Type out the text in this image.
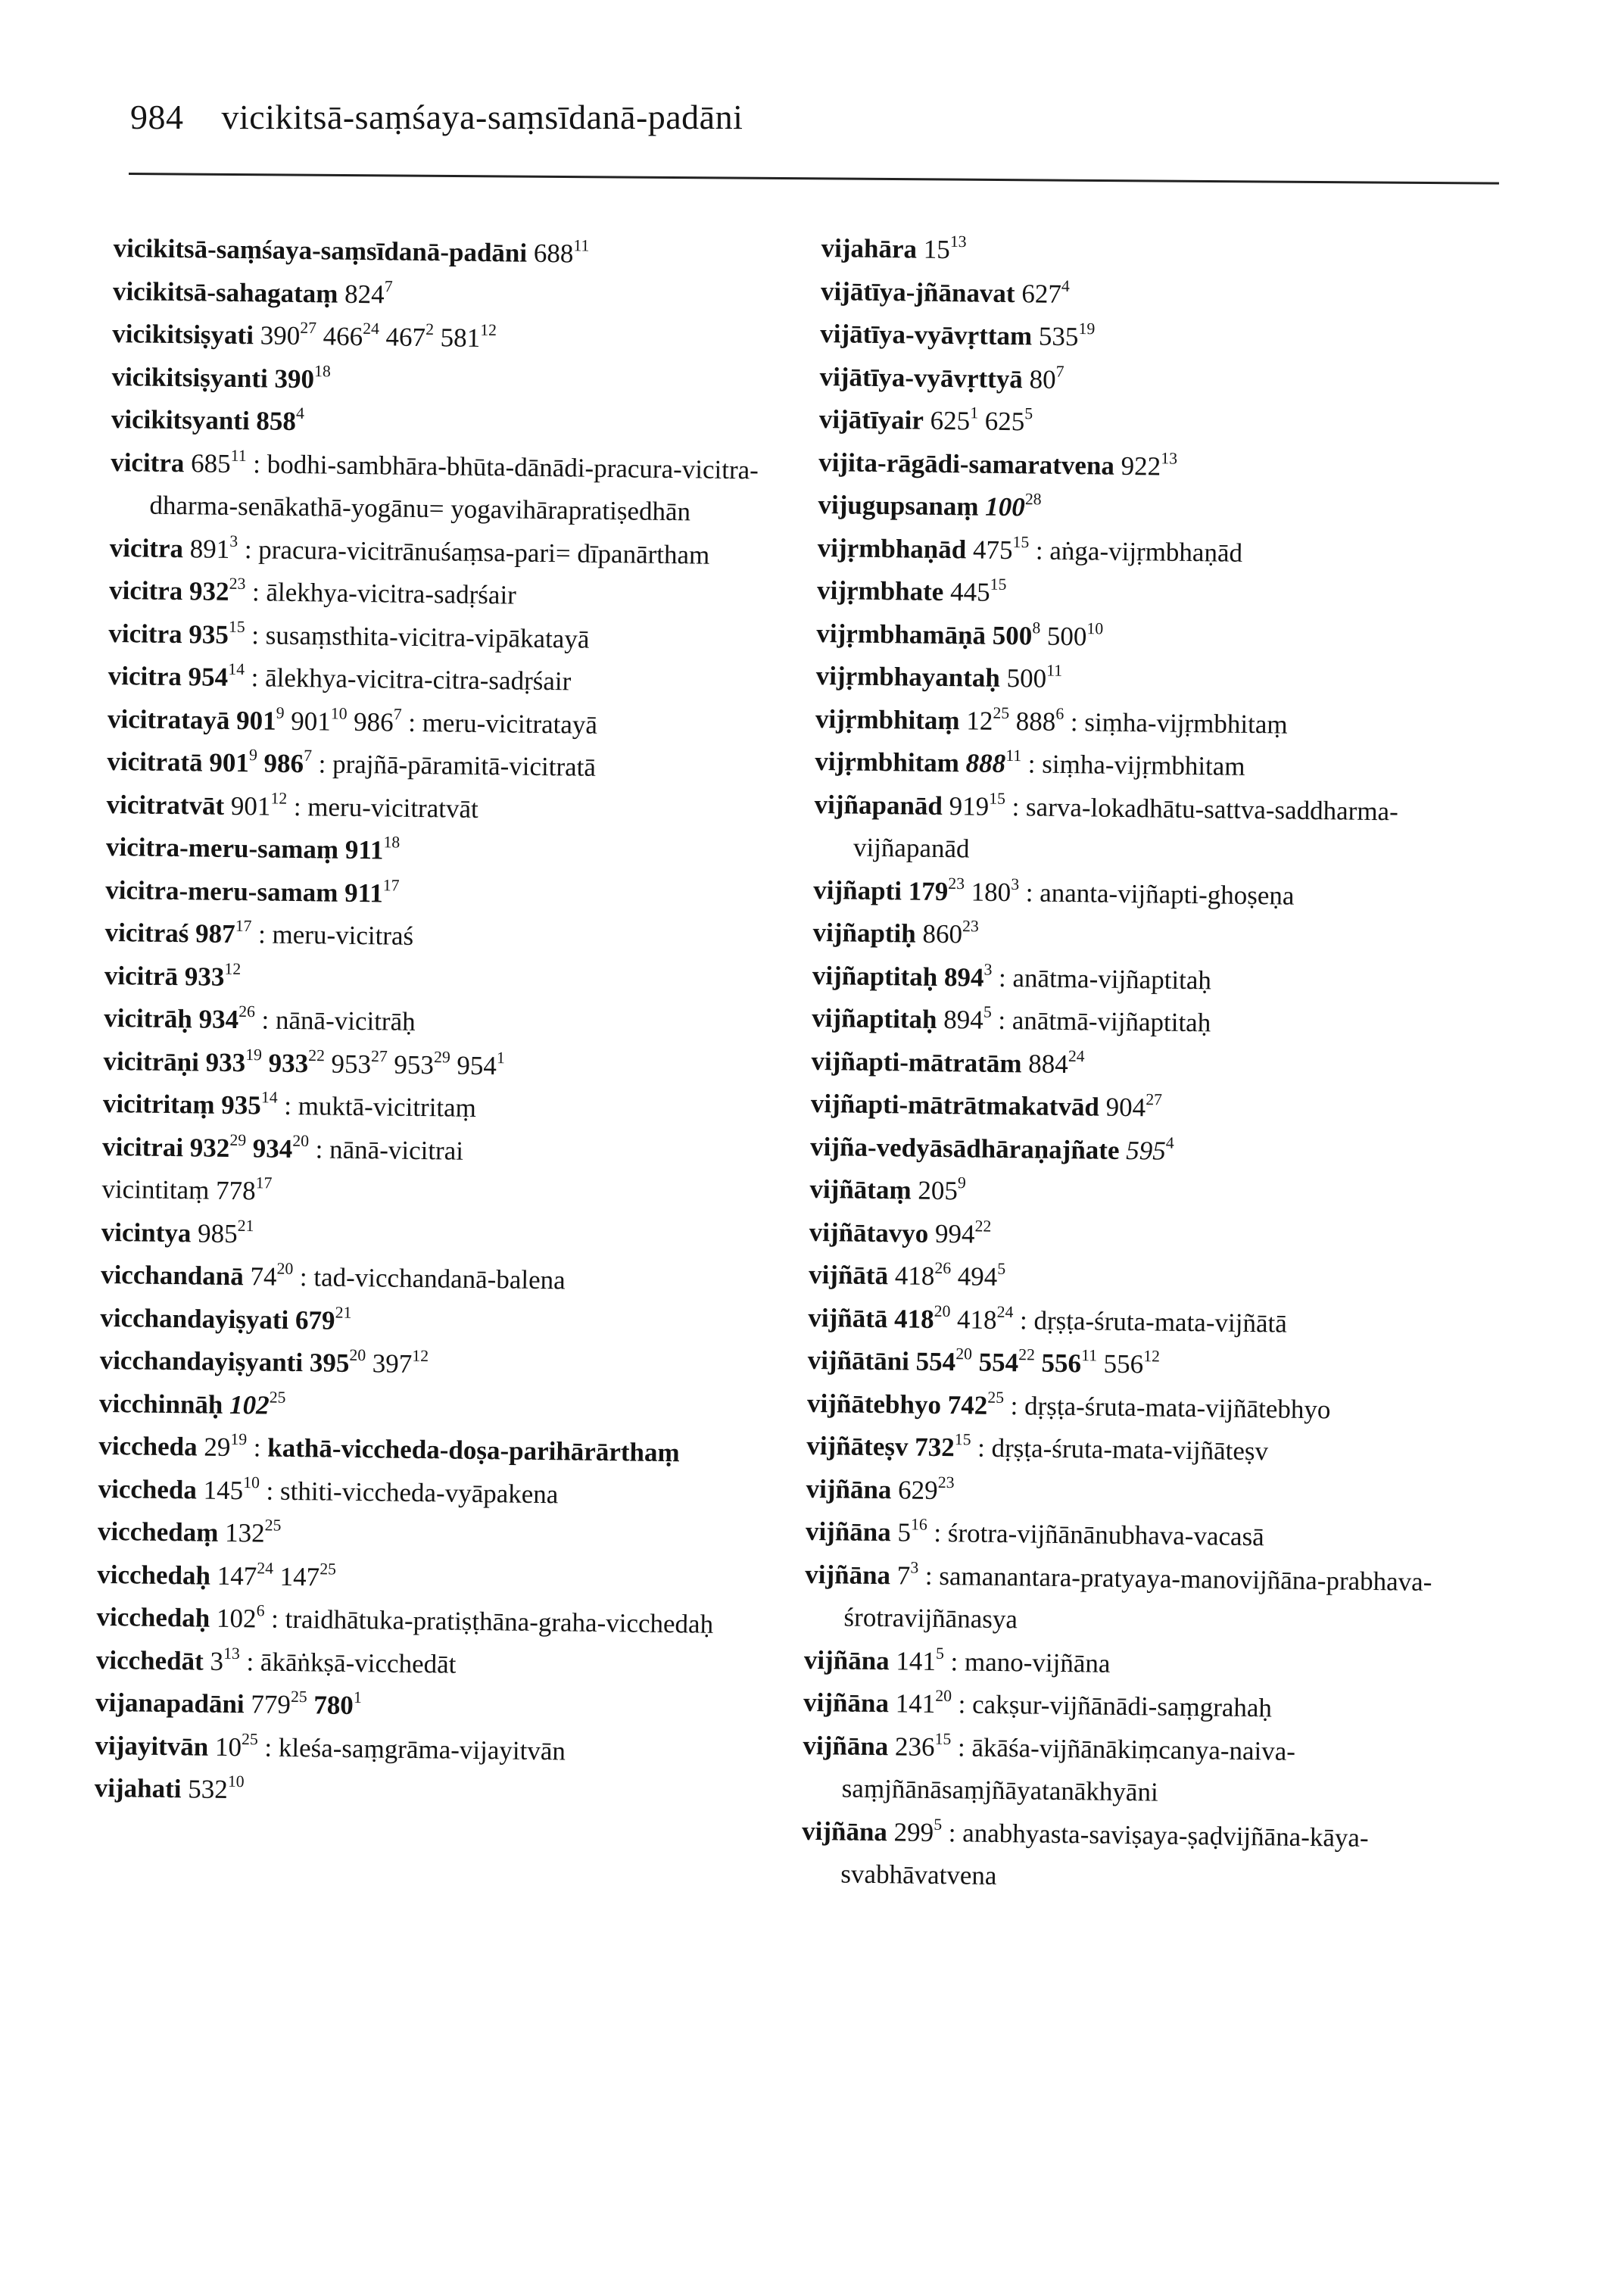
984 vicikitsā-saṃśaya-saṃsīdanā-padāni
vicikitsā-saṃśaya-saṃsīdanā-padāni $688^{11}$
vicikitsā-sahagataṃ $824^7$
vicikitsiṣyati $390^{27}$ $466^{24}$ $467^2$ $581^{12}$
vicikitsiṣyanti $390^{18}$
vicikitsyanti $858^4$
vicitra $685^{11}$ : bodhi-sambhāra-bhūta-dānādi-pracura-vicitra-dharma-senākathā-yogānu= yogavihārapratiṣedhān
vicitra $891^3$ : pracura-vicitrānuśaṃsa-pari= dīpanārtham
vicitra $932^{23}$ : ālekhya-vicitra-sadṛśair
vicitra $935^{15}$ : susaṃsthita-vicitra-vipākatayā
vicitra $954^{14}$ : ālekhya-vicitra-citra-sadṛśair
vicitratayā $901^9$ $901^{10}$ $986^7$ : meru-vicitratayā
vicitratā $901^9$ $986^7$ : prajñā-pāramitā-vicitratā
vicitratvāt $901^{12}$ : meru-vicitratvāt
vicitra-meru-samaṃ $911^{18}$
vicitra-meru-samam $911^{17}$
vicitraś $987^{17}$ : meru-vicitraś
vicitrā $933^{12}$
vicitrāḥ $934^{26}$ : nānā-vicitrāḥ
vicitrāṇi $933^{19}$ $933^{22}$ $953^{27}$ $953^{29}$ $954^1$
vicitritaṃ $935^{14}$ : muktā-vicitritaṃ
vicitrai $932^{29}$ $934^{20}$ : nānā-vicitrai
vicintitaṃ $778^{17}$
vicintya $985^{21}$
vicchandanā $74^{20}$ : tad-vicchandanā-balena
vicchandayiṣyati $679^{21}$
vicchandayiṣyanti $395^{20}$ $397^{12}$
vicchinnāḥ $102^{25}$
viccheda $29^{19}$ : kathā-viccheda-doṣa-parihārārthaṃ
viccheda $145^{10}$ : sthiti-viccheda-vyāpakena
vicchedaṃ $132^{25}$
vicchedaḥ $147^{24}$ $147^{25}$
vicchedaḥ $102^6$ : traidhātuka-pratiṣṭhāna-graha-vicchedaḥ
vicchedāt $3^{13}$ : ākāṅkṣā-vicchedāt
vijanapadāni $779^{25}$ $780^1$
vijayitvān $10^{25}$ : kleśa-saṃgrāma-vijayitvān
vijahati $532^{10}$
vijahāra $15^{13}$
vijātīya-jñānavat $627^4$
vijātīya-vyāvṛttam $535^{19}$
vijātīya-vyāvṛttyā $80^7$
vijātīyair $625^1$ $625^5$
vijita-rāgādi-samaratvena $922^{13}$
vijugupsanaṃ $100^{28}$
vijṛmbhaṇād $475^{15}$ : aṅga-vijṛmbhaṇād
vijṛmbhate $445^{15}$
vijṛmbhamāṇā $500^8$ $500^{10}$
vijṛmbhayantaḥ $500^{11}$
vijṛmbhitaṃ $12^{25}$ $888^6$ : siṃha-vijṛmbhitaṃ
vijṛmbhitam $888^{11}$ : siṃha-vijṛmbhitam
vijñapanād $919^{15}$ : sarva-lokadhātu-sattva-saddharma-vijñapanād
vijñapti $179^{23}$ $180^3$ : ananta-vijñapti-ghoṣeṇa
vijñaptiḥ $860^{23}$
vijñaptitaḥ $894^3$ : anātma-vijñaptitaḥ
vijñaptitaḥ $894^5$ : anātmā-vijñaptitaḥ
vijñapti-mātratām $884^{24}$
vijñapti-mātrātmakatvād $904^{27}$
vijña-vedyāsādhāraṇajñate $595^4$
vijñātaṃ $205^9$
vijñātavyo $994^{22}$
vijñātā $418^{26}$ $494^5$
vijñātā $418^{20}$ $418^{24}$ : dṛṣṭa-śruta-mata-vijñātā
vijñātāni $554^{20}$ $554^{22}$ $556^{11}$ $556^{12}$
vijñātebhyo $742^{25}$ : dṛṣṭa-śruta-mata-vijñātebhyo
vijñāteṣv $732^{15}$ : dṛṣṭa-śruta-mata-vijñāteṣv
vijñāna $629^{23}$
vijñāna $5^{16}$ : śrotra-vijñānānubhava-vacasā
vijñāna $7^3$ : samanantara-pratyaya-manovijñāna-prabhava-śrotravijñānasya
vijñāna $141^5$ : mano-vijñāna
vijñāna $141^{20}$ : cakṣur-vijñānādi-saṃgrahaḥ
vijñāna $236^{15}$ : ākāśa-vijñānākiṃcanya-naiva-saṃjñānāsaṃjñāyatanākhyāni
vijñāna $299^5$ : anabhyasta-saviṣaya-ṣaḍvijñāna-kāya-svabhāvatvena
